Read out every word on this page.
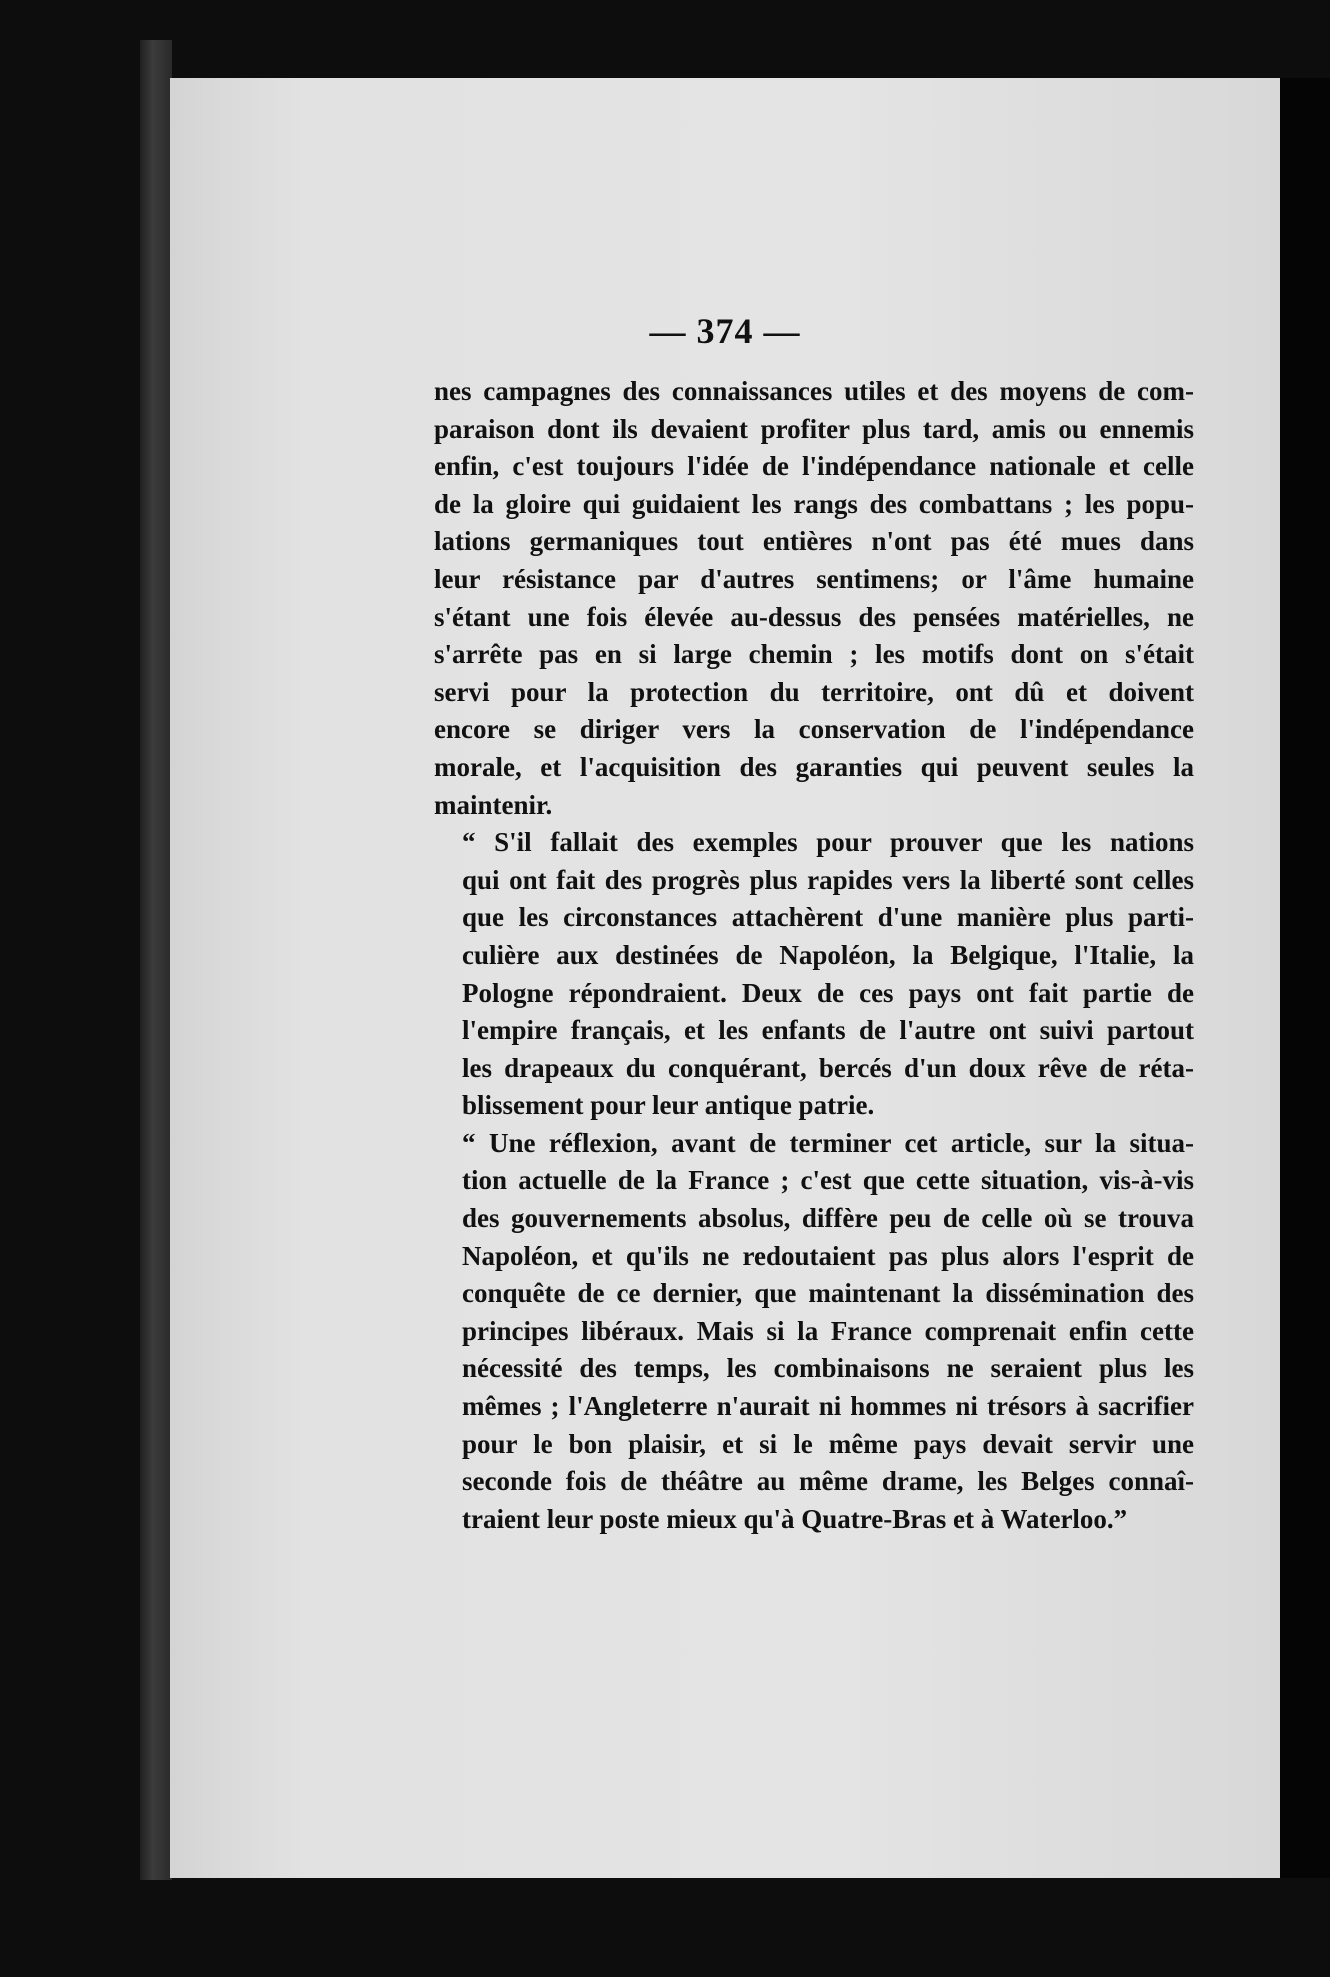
— 374 —

nes campagnes des connaissances utiles et des moyens de com-
paraison dont ils devaient profiter plus tard, amis ou ennemis
enfin, c'est toujours l'idée de l'indépendance nationale et celle
de la gloire qui guidaient les rangs des combattans ; les popu-
lations germaniques tout entières n'ont pas été mues dans
leur résistance par d'autres sentimens; or l'âme humaine
s'étant une fois élevée au-dessus des pensées matérielles, ne
s'arrête pas en si large chemin ; les motifs dont on s'était
servi pour la protection du territoire, ont dû et doivent
encore se diriger vers la conservation de l'indépendance
morale, et l'acquisition des garanties qui peuvent seules la
maintenir.

“ S'il fallait des exemples pour prouver que les nations
qui ont fait des progrès plus rapides vers la liberté sont celles
que les circonstances attachèrent d'une manière plus parti-
culière aux destinées de Napoléon, la Belgique, l'Italie, la
Pologne répondraient. Deux de ces pays ont fait partie de
l'empire français, et les enfants de l'autre ont suivi partout
les drapeaux du conquérant, bercés d'un doux rêve de réta-
blissement pour leur antique patrie.

“ Une réflexion, avant de terminer cet article, sur la situa-
tion actuelle de la France ; c'est que cette situation, vis-à-vis
des gouvernements absolus, diffère peu de celle où se trouva
Napoléon, et qu'ils ne redoutaient pas plus alors l'esprit de
conquête de ce dernier, que maintenant la dissémination des
principes libéraux. Mais si la France comprenait enfin cette
nécessité des temps, les combinaisons ne seraient plus les
mêmes ; l'Angleterre n'aurait ni hommes ni trésors à sacrifier
pour le bon plaisir, et si le même pays devait servir une
seconde fois de théâtre au même drame, les Belges connaî-
traient leur poste mieux qu'à Quatre-Bras et à Waterloo.”
